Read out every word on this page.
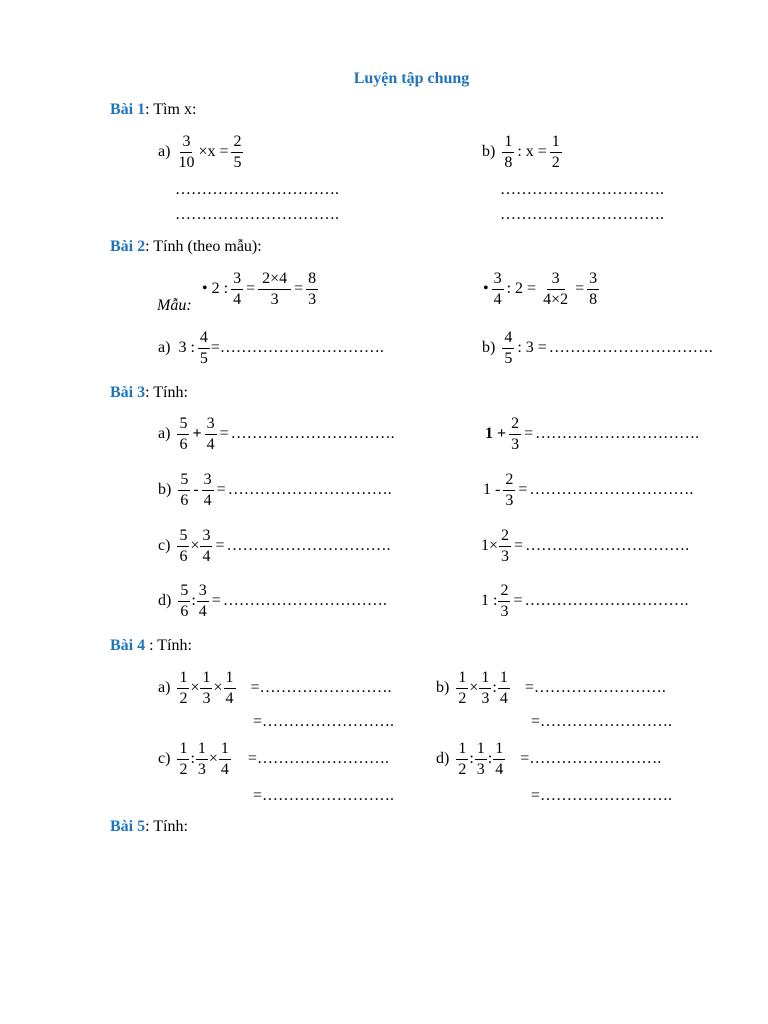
Luyện tập chung
Bài 1: Tìm x:
$a) \frac{3}{10} \times x = \frac{2}{5}$	$b) \frac{1}{8}$ : $x = \frac{1}{2}$
………………………….	………………………….
………………………….	………………………….
Bài 2: Tính (theo mẫu):
Mẫu:
• 2 : $\frac{3}{4} = \frac{2\times 4}{3} = \frac{8}{3}$	• $\frac{3}{4}$ : $2 = \frac{3}{4\times 2} = \frac{3}{8}$
a) 3 : $\frac{4}{5}$ = ………………………….	$b) \frac{4}{5}$ : 3 = ………………………….
Bài 3: Tính:
$a) \frac{5}{6} + \frac{3}{4}$ = ………………………….	$1 + \frac{2}{3}$ = ………………………….
$b) \frac{5}{6} - \frac{3}{4}$ = ………………………….	$1 - \frac{2}{3}$ = ………………………….
$c) \frac{5}{6} \times \frac{3}{4}$ = ………………………….	$1\times \frac{2}{3}$ = ………………………….
$d) \frac{5}{6}$ : $\frac{3}{4}$ = ………………………….	1 : $\frac{2}{3}$ = ………………………….
Bài 4 : Tính:
$a) \frac{1}{2} \times \frac{1}{3} \times \frac{1}{4}$ = …………………….
=…………………….
$b) \frac{1}{2} \times \frac{1}{3}$ : $\frac{1}{4}$ = …………………….
=…………………….
$c) \frac{1}{2}$ : $\frac{1}{3} \times \frac{1}{4}$ = …………………….
=…………………….
$d) \frac{1}{2}$ : $\frac{1}{3}$ : $\frac{1}{4}$ = …………………….
=…………………….
Bài 5: Tính:
